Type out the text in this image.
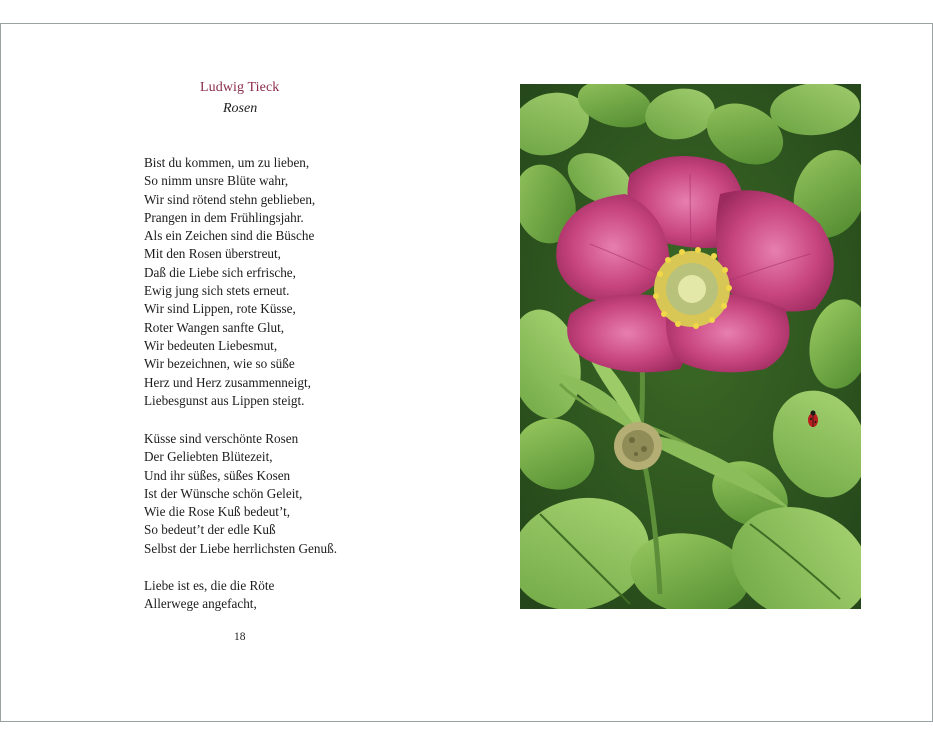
Ludwig Tieck
Rosen
Bist du kommen, um zu lieben,
So nimm unsre Blüte wahr,
Wir sind rötend stehn geblieben,
Prangen in dem Frühlingsjahr.
Als ein Zeichen sind die Büsche
Mit den Rosen überstreut,
Daß die Liebe sich erfrische,
Ewig jung sich stets erneut.
Wir sind Lippen, rote Küsse,
Roter Wangen sanfte Glut,
Wir bedeuten Liebesmut,
Wir bezeichnen, wie so süße
Herz und Herz zusammenneigt,
Liebesgunst aus Lippen steigt.
Küsse sind verschönte Rosen
Der Geliebten Blütezeit,
Und ihr süßes, süßes Kosen
Ist der Wünsche schön Geleit,
Wie die Rose Kuß bedeut’t,
So bedeut’t der edle Kuß
Selbst der Liebe herrlichsten Genuß.
Liebe ist es, die die Röte
Allerwege angefacht,
18
